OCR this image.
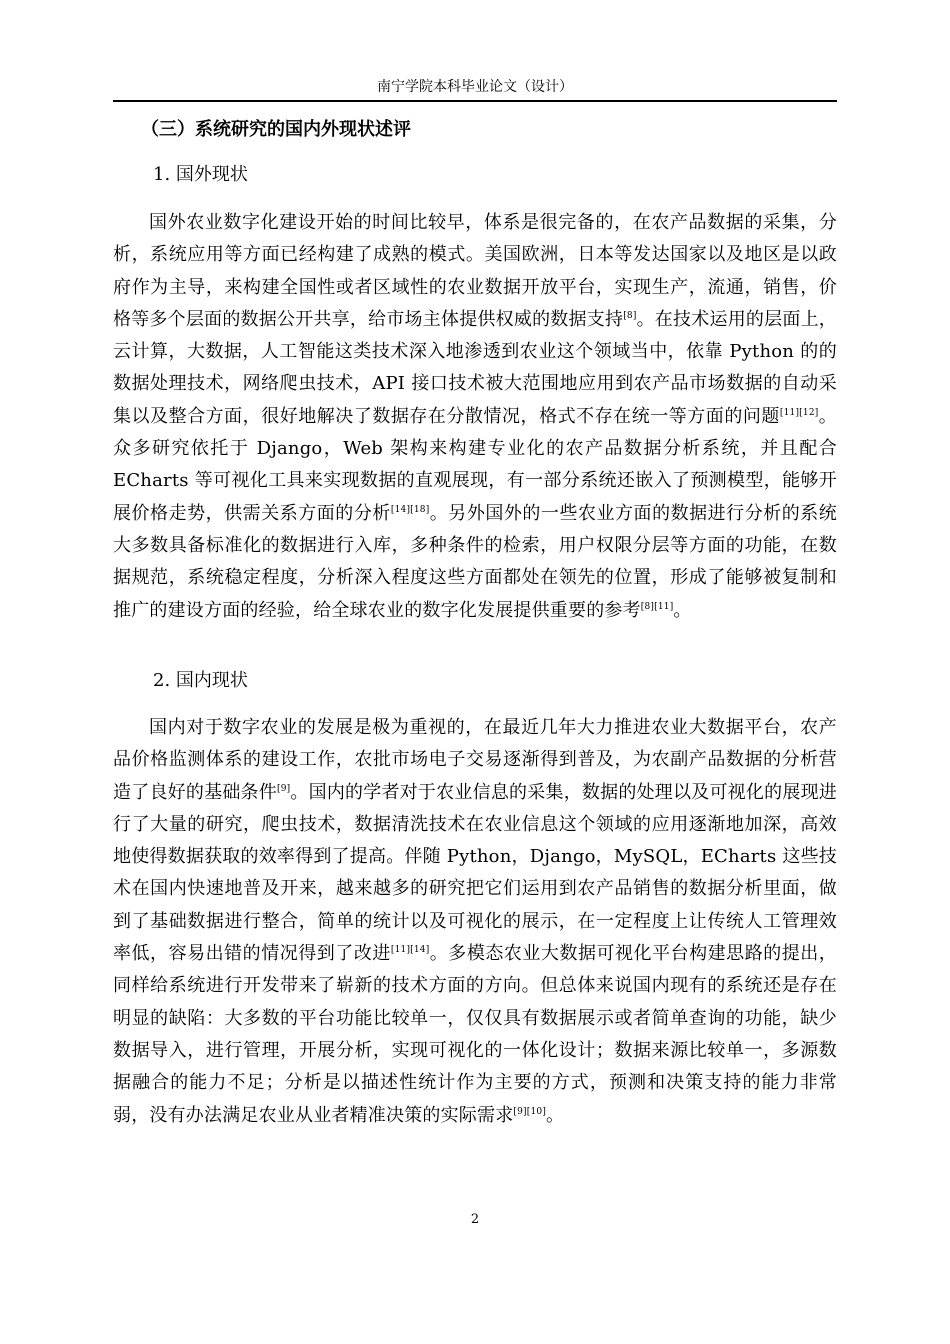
南宁学院本科毕业论文（设计）
（三）系统研究的国内外现状述评
1. 国外现状

国外农业数字化建设开始的时间比较早，体系是很完备的，在农产品数据的采集，分析，系统应用等方面已经构建了成熟的模式。美国欧洲，日本等发达国家以及地区是以政府作为主导，来构建全国性或者区域性的农业数据开放平台，实现生产，流通，销售，价格等多个层面的数据公开共享，给市场主体提供权威的数据支持[8]。在技术运用的层面上，云计算，大数据，人工智能这类技术深入地渗透到农业这个领域当中，依靠 Python 的的数据处理技术，网络爬虫技术，API 接口技术被大范围地应用到农产品市场数据的自动采集以及整合方面，很好地解决了数据存在分散情况，格式不存在统一等方面的问题[11][12]。众多研究依托于 Django，Web 架构来构建专业化的农产品数据分析系统，并且配合 ECharts 等可视化工具来实现数据的直观展现，有一部分系统还嵌入了预测模型，能够开展价格走势，供需关系方面的分析[14][18]。另外国外的一些农业方面的数据进行分析的系统大多数具备标准化的数据进行入库，多种条件的检索，用户权限分层等方面的功能，在数据规范，系统稳定程度，分析深入程度这些方面都处在领先的位置，形成了能够被复制和推广的建设方面的经验，给全球农业的数字化发展提供重要的参考[8][11]。

2. 国内现状

国内对于数字农业的发展是极为重视的，在最近几年大力推进农业大数据平台，农产品价格监测体系的建设工作，农批市场电子交易逐渐得到普及，为农副产品数据的分析营造了良好的基础条件[9]。国内的学者对于农业信息的采集，数据的处理以及可视化的展现进行了大量的研究，爬虫技术，数据清洗技术在农业信息这个领域的应用逐渐地加深，高效地使得数据获取的效率得到了提高。伴随 Python，Django，MySQL，ECharts 这些技术在国内快速地普及开来，越来越多的研究把它们运用到农产品销售的数据分析里面，做到了基础数据进行整合，简单的统计以及可视化的展示，在一定程度上让传统人工管理效率低，容易出错的情况得到了改进[11][14]。多模态农业大数据可视化平台构建思路的提出，同样给系统进行开发带来了崭新的技术方面的方向。但总体来说国内现有的系统还是存在明显的缺陷：大多数的平台功能比较单一，仅仅具有数据展示或者简单查询的功能，缺少数据导入，进行管理，开展分析，实现可视化的一体化设计；数据来源比较单一，多源数据融合的能力不足；分析是以描述性统计作为主要的方式，预测和决策支持的能力非常弱，没有办法满足农业从业者精准决策的实际需求[9][10]。

2
